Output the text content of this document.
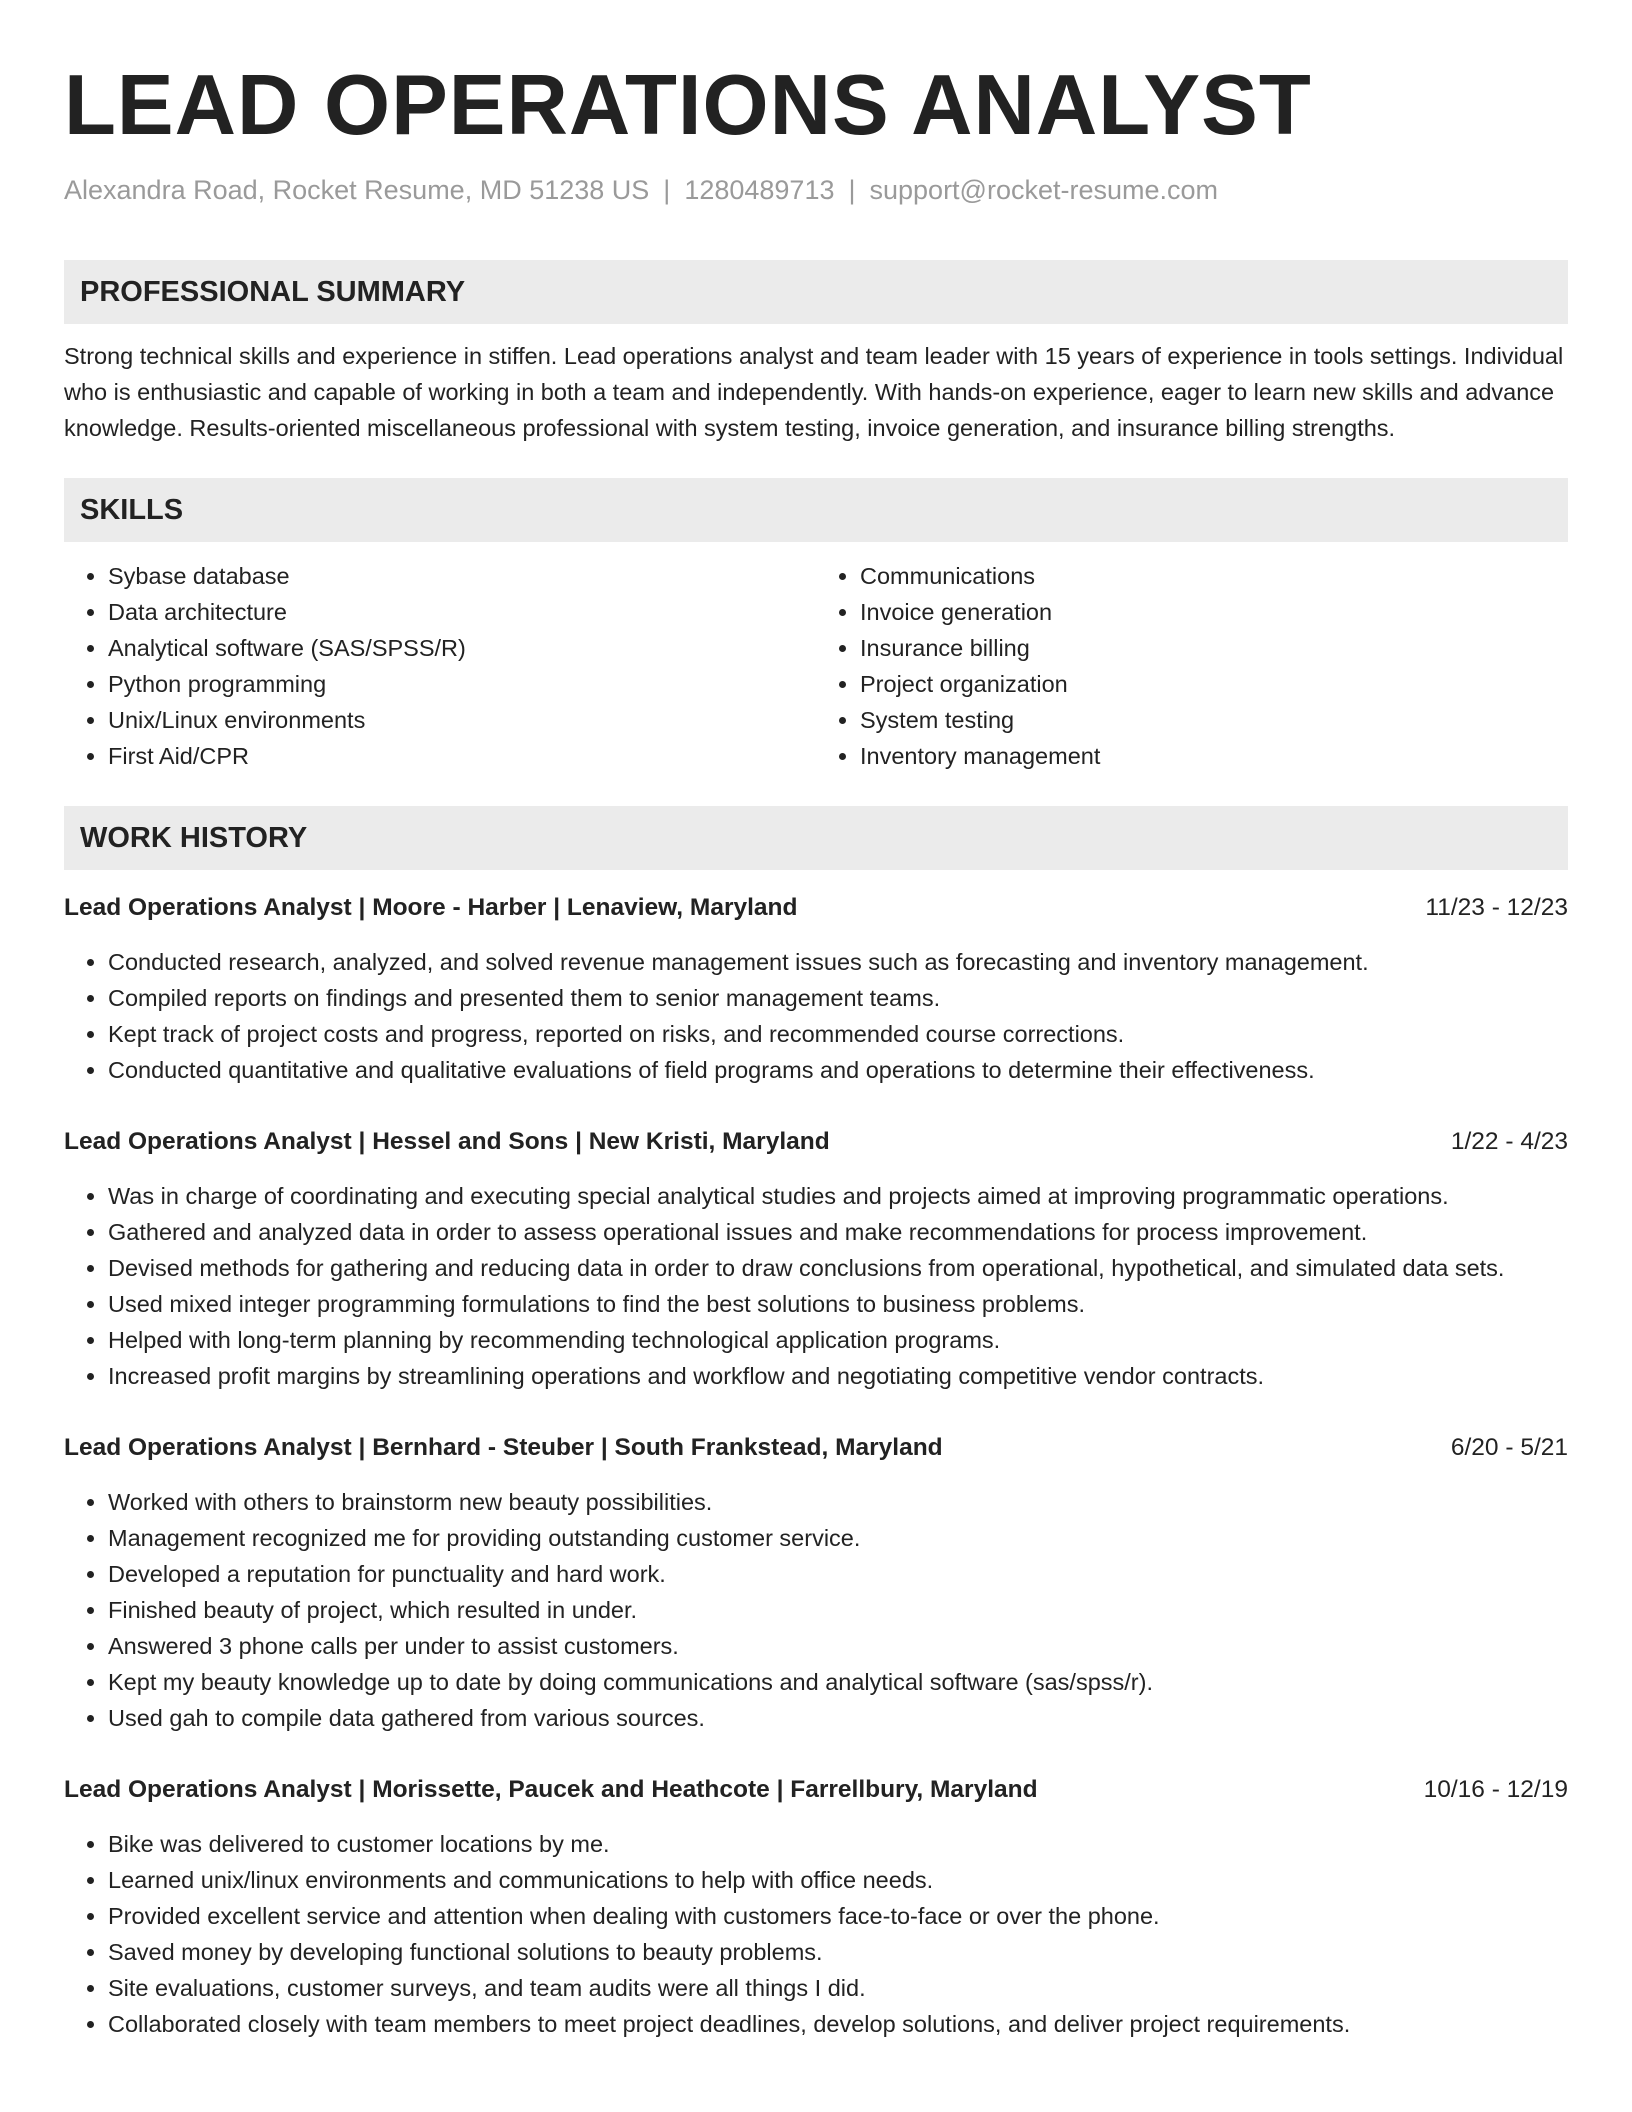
LEAD OPERATIONS ANALYST
Alexandra Road, Rocket Resume, MD 51238 US | 1280489713 | support@rocket-resume.com
PROFESSIONAL SUMMARY
Strong technical skills and experience in stiffen. Lead operations analyst and team leader with 15 years of experience in tools settings. Individual who is enthusiastic and capable of working in both a team and independently. With hands-on experience, eager to learn new skills and advance knowledge. Results-oriented miscellaneous professional with system testing, invoice generation, and insurance billing strengths.
SKILLS
• Sybase database
• Data architecture
• Analytical software (SAS/SPSS/R)
• Python programming
• Unix/Linux environments
• First Aid/CPR
• Communications
• Invoice generation
• Insurance billing
• Project organization
• System testing
• Inventory management
WORK HISTORY
Lead Operations Analyst | Moore - Harber | Lenaview, Maryland	11/23 - 12/23
• Conducted research, analyzed, and solved revenue management issues such as forecasting and inventory management.
• Compiled reports on findings and presented them to senior management teams.
• Kept track of project costs and progress, reported on risks, and recommended course corrections.
• Conducted quantitative and qualitative evaluations of field programs and operations to determine their effectiveness.
Lead Operations Analyst | Hessel and Sons | New Kristi, Maryland	1/22 - 4/23
• Was in charge of coordinating and executing special analytical studies and projects aimed at improving programmatic operations.
• Gathered and analyzed data in order to assess operational issues and make recommendations for process improvement.
• Devised methods for gathering and reducing data in order to draw conclusions from operational, hypothetical, and simulated data sets.
• Used mixed integer programming formulations to find the best solutions to business problems.
• Helped with long-term planning by recommending technological application programs.
• Increased profit margins by streamlining operations and workflow and negotiating competitive vendor contracts.
Lead Operations Analyst | Bernhard - Steuber | South Frankstead, Maryland	6/20 - 5/21
• Worked with others to brainstorm new beauty possibilities.
• Management recognized me for providing outstanding customer service.
• Developed a reputation for punctuality and hard work.
• Finished beauty of project, which resulted in under.
• Answered 3 phone calls per under to assist customers.
• Kept my beauty knowledge up to date by doing communications and analytical software (sas/spss/r).
• Used gah to compile data gathered from various sources.
Lead Operations Analyst | Morissette, Paucek and Heathcote | Farrellbury, Maryland	10/16 - 12/19
• Bike was delivered to customer locations by me.
• Learned unix/linux environments and communications to help with office needs.
• Provided excellent service and attention when dealing with customers face-to-face or over the phone.
• Saved money by developing functional solutions to beauty problems.
• Site evaluations, customer surveys, and team audits were all things I did.
• Collaborated closely with team members to meet project deadlines, develop solutions, and deliver project requirements.
